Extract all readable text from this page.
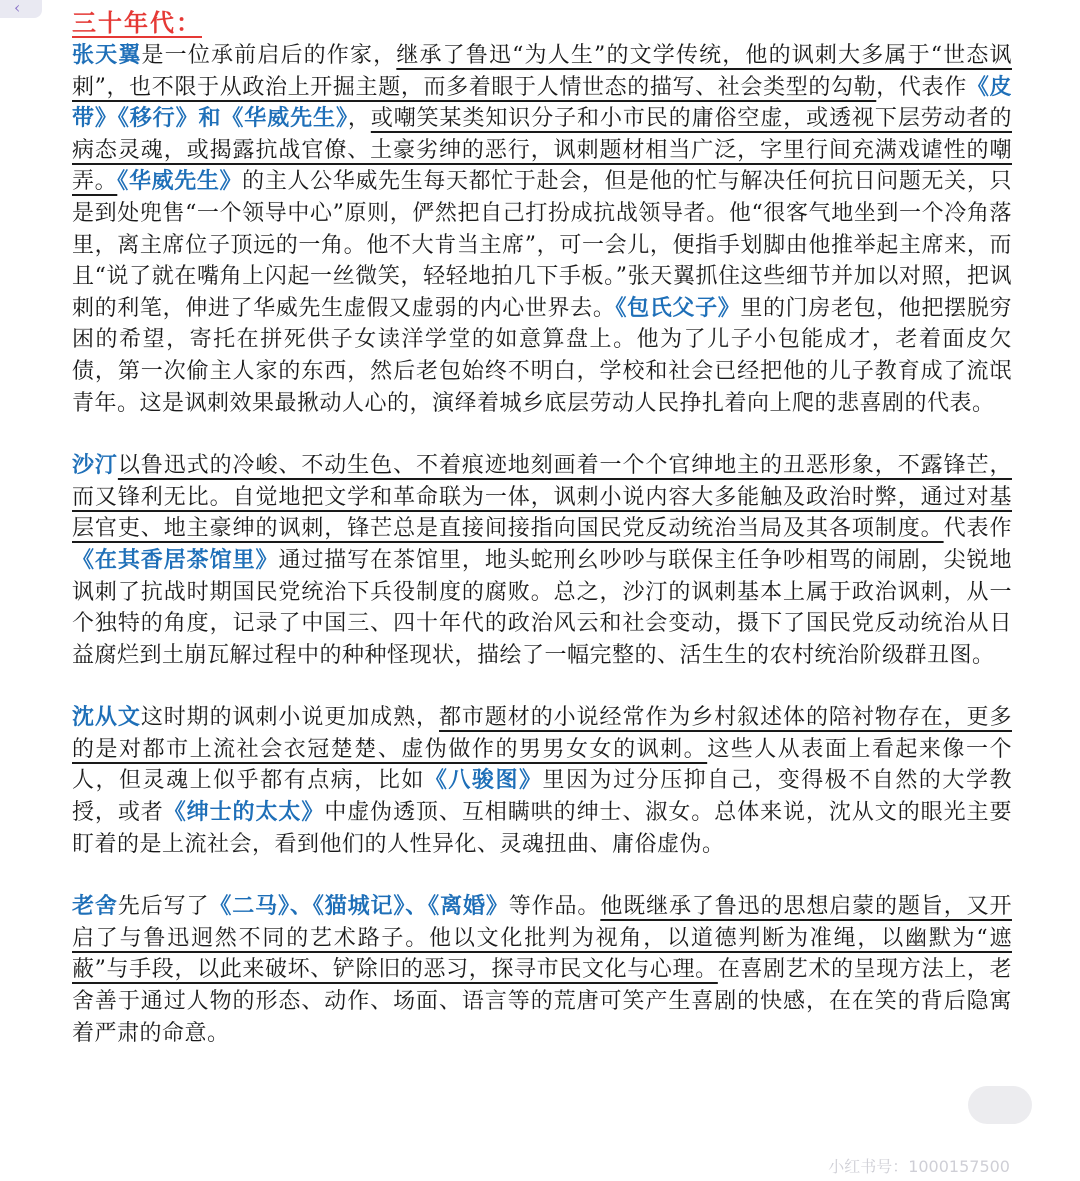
‹
三十年代：

张天翼是一位承前启后的作家，继承了鲁迅“为人生”的文学传统，他的讽刺大多属于“世态讽刺”，也不限于从政治上开掘主题，而多着眼于人情世态的描写、社会类型的勾勒，代表作《皮带》《移行》和《华威先生》，或嘲笑某类知识分子和小市民的庸俗空虚，或透视下层劳动者的病态灵魂，或揭露抗战官僚、土豪劣绅的恶行，讽刺题材相当广泛，字里行间充满戏谑性的嘲弄。《华威先生》的主人公华威先生每天都忙于赴会，但是他的忙与解决任何抗日问题无关，只是到处兜售“一个领导中心”原则，俨然把自己打扮成抗战领导者。他“很客气地坐到一个冷角落里，离主席位子顶远的一角。他不大肯当主席”，可一会儿，便指手划脚由他推举起主席来，而且“说了就在嘴角上闪起一丝微笑，轻轻地拍几下手板。”张天翼抓住这些细节并加以对照，把讽刺的利笔，伸进了华威先生虚假又虚弱的内心世界去。《包氏父子》里的门房老包，他把摆脱穷困的希望，寄托在拼死供子女读洋学堂的如意算盘上。他为了儿子小包能成才，老着面皮欠债，第一次偷主人家的东西，然后老包始终不明白，学校和社会已经把他的儿子教育成了流氓青年。这是讽刺效果最揪动人心的，演绎着城乡底层劳动人民挣扎着向上爬的悲喜剧的代表。

沙汀以鲁迅式的冷峻、不动生色、不着痕迹地刻画着一个个官绅地主的丑恶形象，不露锋芒，而又锋利无比。自觉地把文学和革命联为一体，讽刺小说内容大多能触及政治时弊，通过对基层官吏、地主豪绅的讽刺，锋芒总是直接间接指向国民党反动统治当局及其各项制度。代表作《在其香居茶馆里》通过描写在茶馆里，地头蛇刑幺吵吵与联保主任争吵相骂的闹剧，尖锐地讽刺了抗战时期国民党统治下兵役制度的腐败。总之，沙汀的讽刺基本上属于政治讽刺，从一个独特的角度，记录了中国三、四十年代的政治风云和社会变动，摄下了国民党反动统治从日益腐烂到土崩瓦解过程中的种种怪现状，描绘了一幅完整的、活生生的农村统治阶级群丑图。

沈从文这时期的讽刺小说更加成熟，都市题材的小说经常作为乡村叙述体的陪衬物存在，更多的是对都市上流社会衣冠楚楚、虚伪做作的男男女女的讽刺。这些人从表面上看起来像一个人，但灵魂上似乎都有点病，比如《八骏图》里因为过分压抑自己，变得极不自然的大学教授，或者《绅士的太太》中虚伪透顶、互相瞒哄的绅士、淑女。总体来说，沈从文的眼光主要盯着的是上流社会，看到他们的人性异化、灵魂扭曲、庸俗虚伪。

老舍先后写了《二马》、《猫城记》、《离婚》等作品。他既继承了鲁迅的思想启蒙的题旨，又开启了与鲁迅迥然不同的艺术路子。他以文化批判为视角，以道德判断为准绳，以幽默为“遮蔽”与手段，以此来破坏、铲除旧的恶习，探寻市民文化与心理。在喜剧艺术的呈现方法上，老舍善于通过人物的形态、动作、场面、语言等的荒唐可笑产生喜剧的快感，在在笑的背后隐寓着严肃的命意。

小红书号：1000157500
